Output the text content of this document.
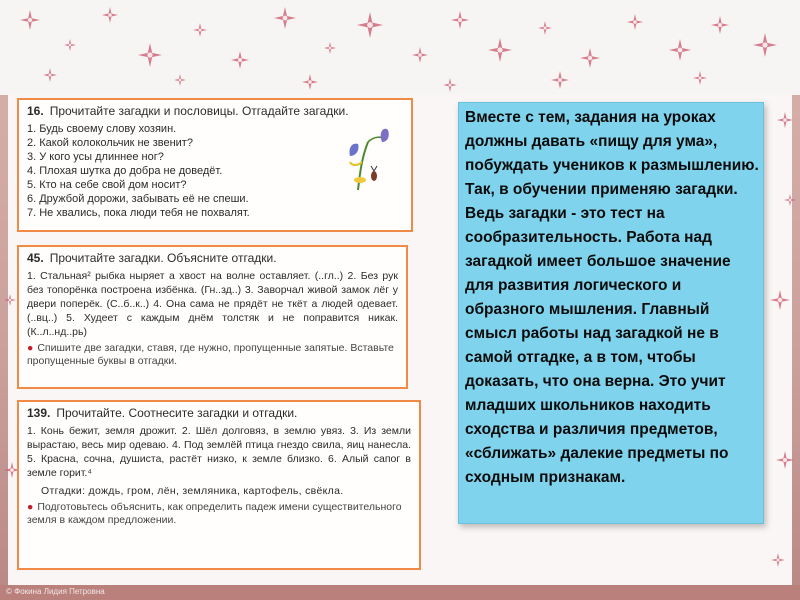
16. Прочитайте загадки и пословицы. Отгадайте загадки.
1. Будь своему слову хозяин.
2. Какой колокольчик не звенит?
3. У кого усы длиннее ног?
4. Плохая шутка до добра не доведёт.
5. Кто на себе свой дом носит?
6. Дружбой дорожи, забывать её не спеши.
7. Не хвались, пока люди тебя не похвалят.
45. Прочитайте загадки. Объясните отгадки.
1. Стальная² рыбка ныряет а хвост на волне оставляет. (..гл..) 2. Без рук без топорёнка построена избёнка. (Гн..зд..) 3. Заворчал живой замок лёг у двери поперёк. (С..б..к..) 4. Она сама не прядёт не ткёт а людей одевает. (..вц..) 5. Худеет с каждым днём толстяк и не поправится никак. (К..л..нд..рь)
● Спишите две загадки, ставя, где нужно, пропущенные запятые. Вставьте пропущенные буквы в отгадки.
139. Прочитайте. Соотнесите загадки и отгадки.
1. Конь бежит, земля дрожит. 2. Шёл долговяз, в землю увяз. 3. Из земли вырастаю, весь мир одеваю. 4. Под землёй птица гнездо свила, яиц нанесла. 5. Красна, сочна, душиста, растёт низко, к земле близко. 6. Алый сапог в земле горит.⁴
Отгадки: дождь, гром, лён, земляника, картофель, свёкла.
● Подготовьтесь объяснить, как определить падеж имени существительного земля в каждом предложении.
Вместе с тем, задания на уроках должны давать «пищу для ума», побуждать учеников к размышлению. Так, в обучении применяю загадки. Ведь загадки - это тест на сообразительность. Работа над загадкой имеет большое значение для развития логического и образного мышления. Главный смысл работы над загадкой не в самой отгадке, а в том, чтобы доказать, что она верна. Это учит младших школьников находить сходства и различия предметов, «сближать» далекие предметы по сходным признакам.
© Фокина Лидия Петровна
